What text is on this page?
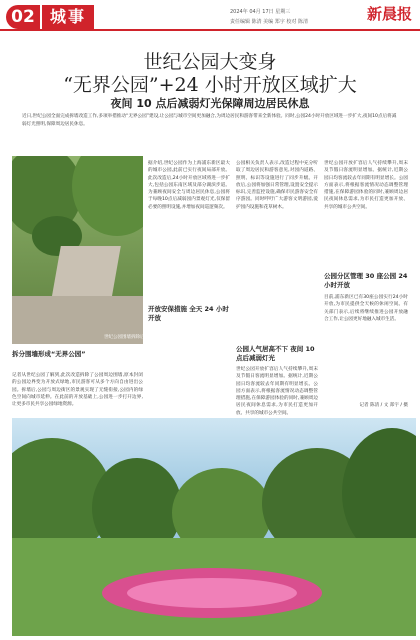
02 城事	2024年 04月 17日 星期三
责任编辑 陈清 美编 郑宇 校对 陈清	新晨报
世纪公园大变身
“无界公园”+24 小时开放区域扩大
夜间 10 点后减弱灯光保障周边居民休息
近日,世纪公园全面完成拆墙改造工作,多项举措推动“无界公园”建设,让公园与城市空间更加融合,为周边居民和游客带来全新体验。同时,公园24小时开放区域进一步扩大,夜间10点后将减弱灯光照明,保障周边居民休息。
世纪公园围墙拆除后
拆分围墙形成“无界公园”
记者从世纪公园了解到,此次改造拆除了公园周边围墙,原本封闭的公园边界变为开放式绿地,市民游客可从多个方向自由进出公园。拆墙后,公园与周边街区的景观实现了无缝衔接,公园内的绿色空间向城市延伸。在此前的开放基础上,公园进一步打开边界,让更多市民共享公园绿地资源。
据介绍,世纪公园作为上海浦东新区最大的城市公园,此前已实行夜间局部开放。此次改造后,24小时开放区域将进一步扩大,包括公园东南区域及部分湖滨步道。为兼顾夜间安全与周边居民休息,公园将于每晚10点后减弱园内景观灯光,仅保留必要的照明设施,并增加夜间巡逻频次。
开放安保措施 全天 24 小时开放
公园相关负责人表示,改造过程中充分听取了周边居民和游客意见,对园内道路、照明、标识等设施进行了同步升级。开放后,公园将加强日常管理,设置安全提示标识,完善监控设施,确保市民游客安全有序游园。同时呼吁广大游客文明游园,爱护园内设施和花草树木。
公园人气居高不下 夜间 10 点后减弱灯光
世纪公园开放扩容后人气持续攀升,周末及节假日客流明显增加。据统计,近期公园日均客流较去年同期有明显增长。公园方面表示,将根据客流情况动态调整管理措施,在保障游园体验的同时,兼顾周边居民夜间休息需求,为市民打造更加开放、共享的城市公共空间。
世纪公园开放扩容后人气持续攀升,周末及节假日客流明显增加。据统计,近期公园日均客流较去年同期有明显增长。公园方面表示,将根据客流情况动态调整管理措施,在保障游园体验的同时,兼顾周边居民夜间休息需求,为市民打造更加开放、共享的城市公共空间。
公园分区管理 30 座公园 24 小时开放
目前,浦东新区已有30座公园实行24小时开放,为市民提供全天候的休闲空间。有关部门表示,后续将继续推进公园开放融合工作,让公园更好地融入城市生活。
记者 陈清 / 文 郑宇 / 摄
